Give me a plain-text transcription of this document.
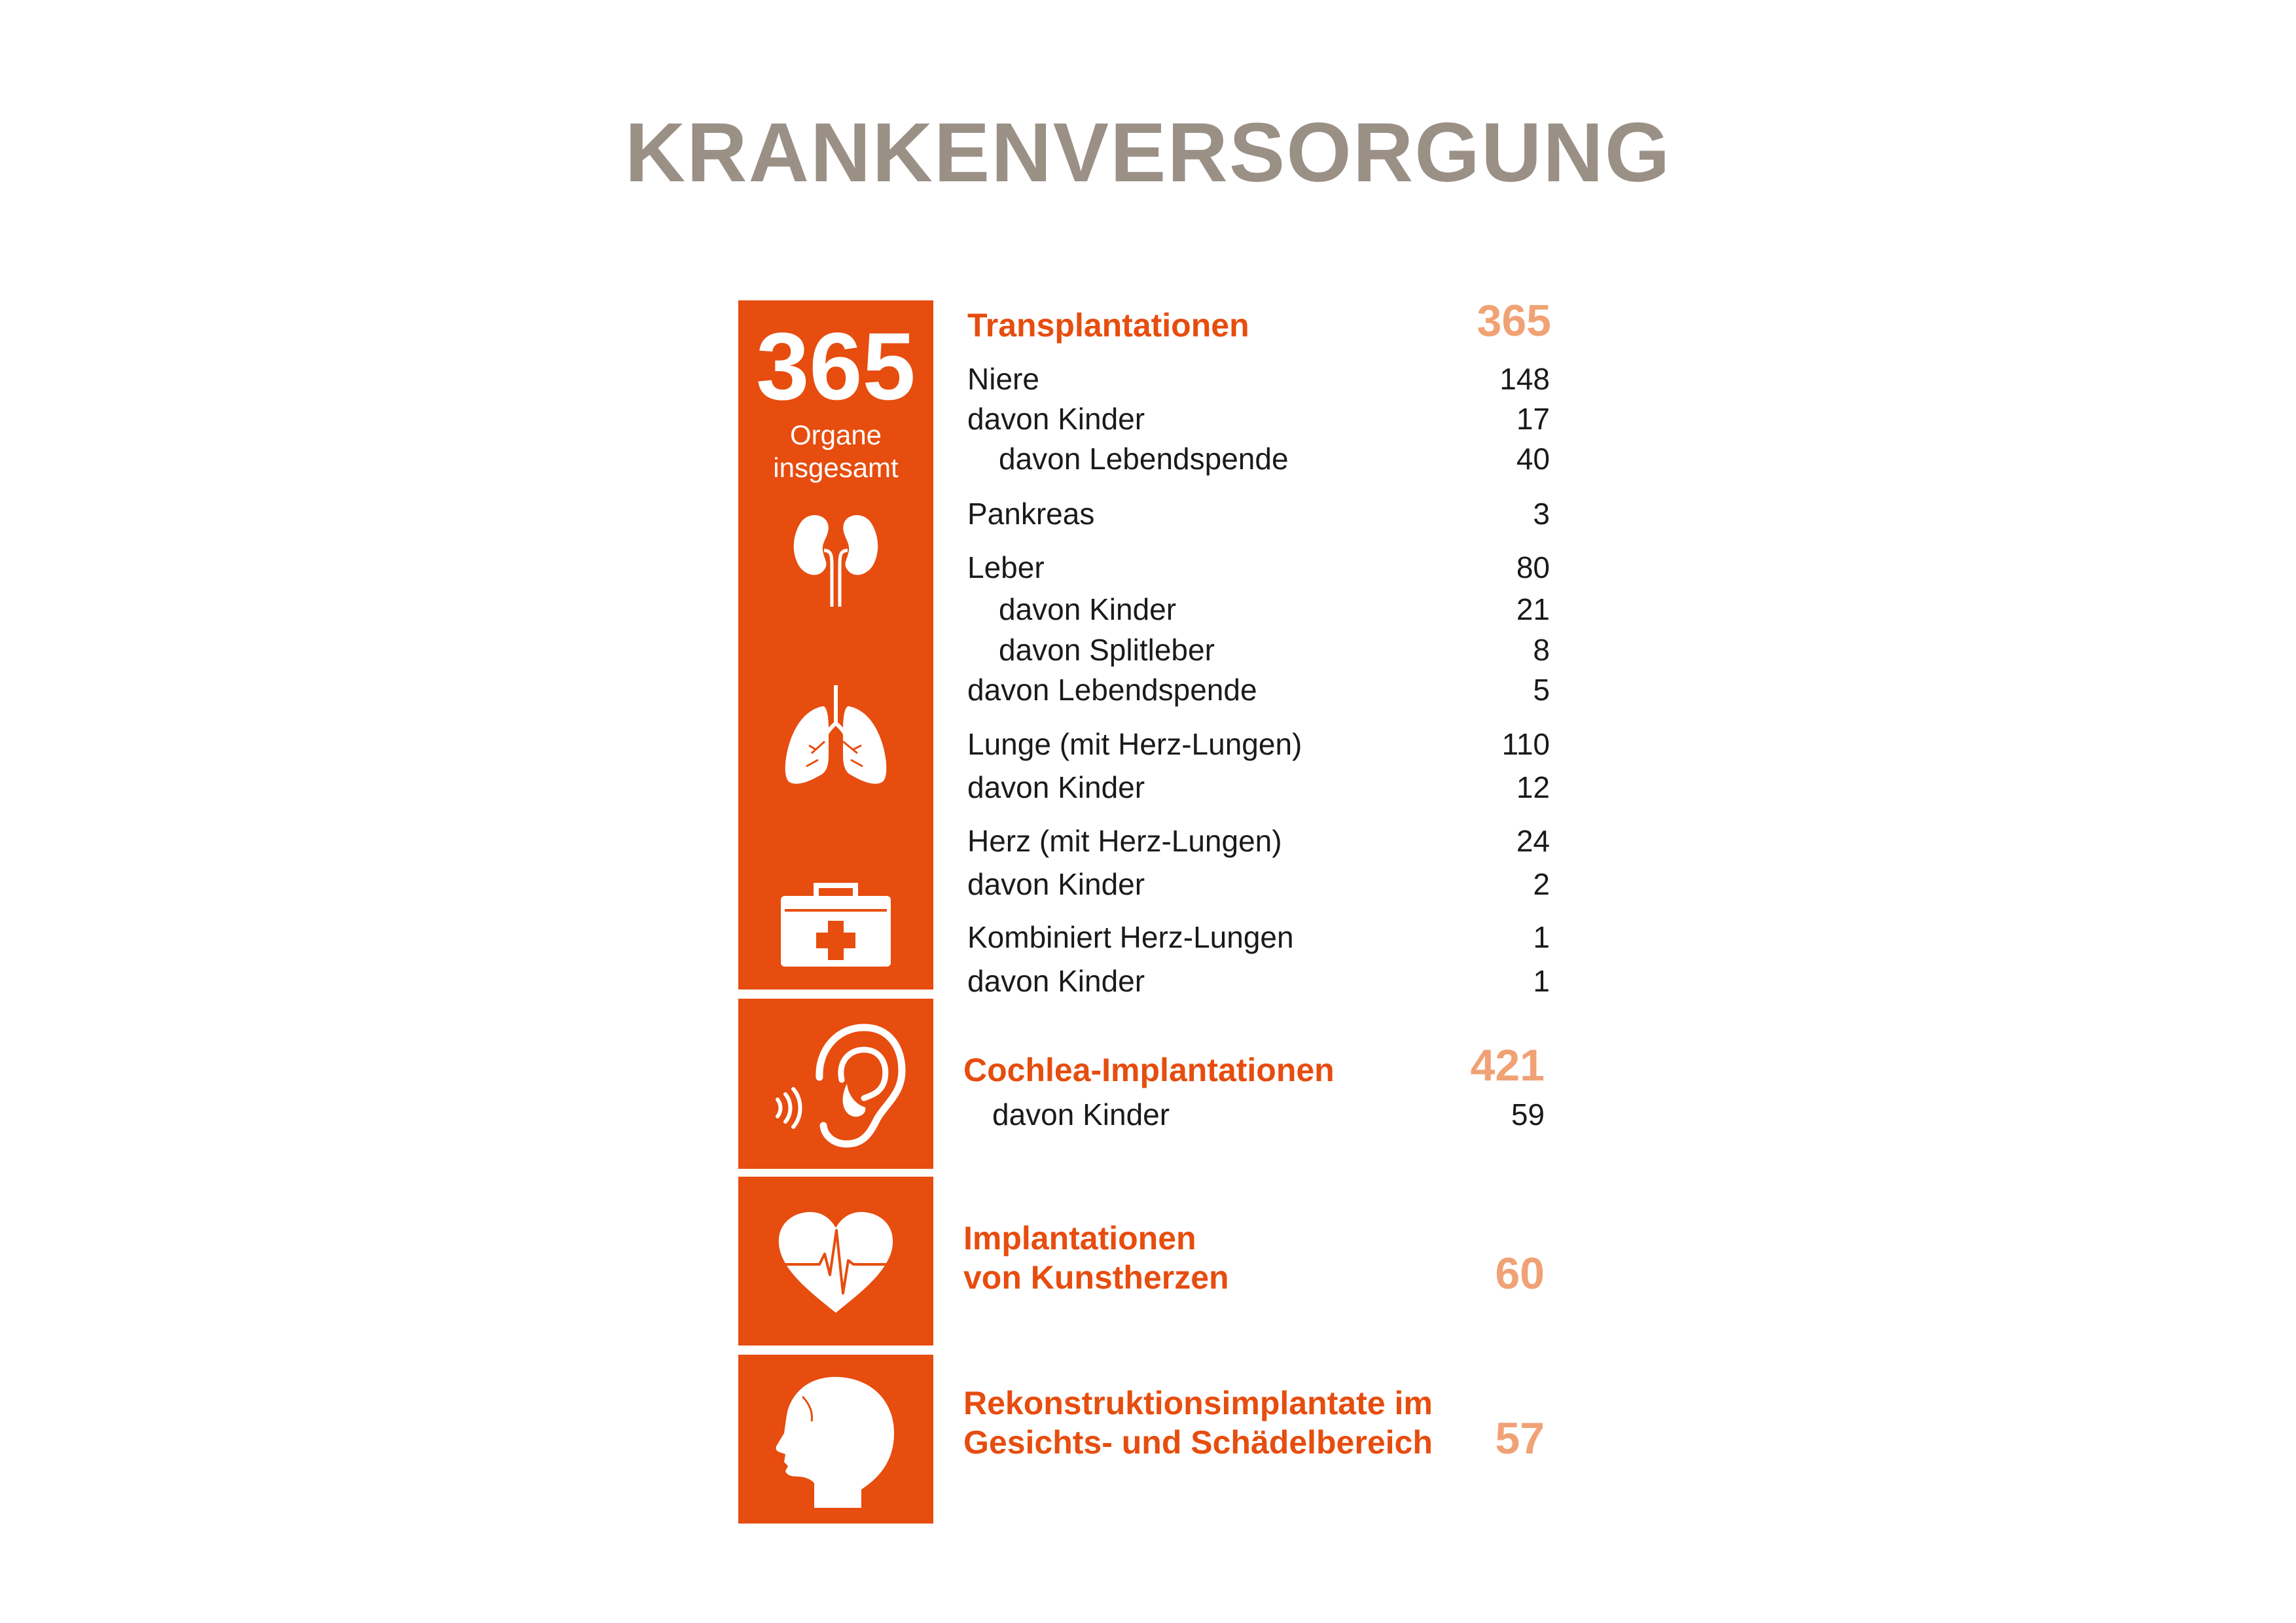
KRANKENVERSORGUNG
365
Organe
insgesamt
Transplantationen	365
Niere	148
davon Kinder	17
davon Lebendspende	40
Pankreas	3
Leber	80
davon Kinder	21
davon Splitleber	8
davon Lebendspende	5
Lunge (mit Herz-Lungen)	110
davon Kinder	12
Herz (mit Herz-Lungen)	24
davon Kinder	2
Kombiniert Herz-Lungen	1
davon Kinder	1
Cochlea-Implantationen	421
davon Kinder	59
Implantationen
von Kunstherzen	60
Rekonstruktionsimplantate im
Gesichts- und Schädelbereich 57
